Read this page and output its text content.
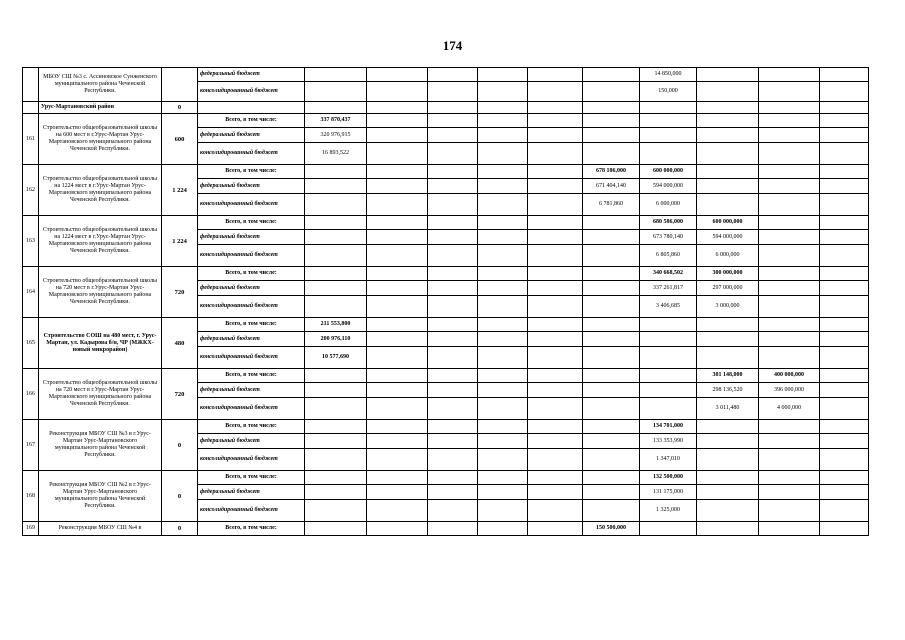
174
	МБОУ СШ №3 с. Ассиновское Сунженского муниципального района Чеченской Республики.		федеральный бюджет							14 850,000			
			консолидированный бюджет							150,000			
	Урус-Мартановский район	0											
161	Строительство общеобразовательной школы на 600 мест в г.Урус-Мартан Урус-Мартановского муниципального района Чеченской Республики.	600	Всего, в том числе:	337 870,437									
			федеральный бюджет	320 976,915									
			консолидированный бюджет	16 893,522									
162	Строительство общеобразовательной школы на 1224 мест в г.Урус-Мартан Урус-Мартановского муниципального района Чеченской Республики.	1 224	Всего, в том числе:						678 186,000	600 000,000			
			федеральный бюджет						671 404,140	594 000,000			
			консолидированный бюджет						6 781,860	6 000,000			
163	Строительство общеобразовательной школы на 1224 мест в г.Урус-Мартан Урус-Мартановского муниципального района Чеченской Республики.	1 224	Всего, в том числе:							680 586,000	600 000,000		
			федеральный бюджет							673 780,140	594 000,000		
			консолидированный бюджет							6 805,860	6 000,000		
164	Строительство общеобразовательной школы на 720 мест в г.Урус-Мартан Урус-Мартановского муниципального района Чеченской Республики.	720	Всего, в том числе:							340 668,502	300 000,000		
			федеральный бюджет							337 261,817	297 000,000		
			консолидированный бюджет							3 406,685	3 000,000		
165	Строительство СОШ на 480 мест, г. Урус-Мартан, ул. Кадырова б/н, ЧР (МЖКХ- новый микрорайон)	480	Всего, в том числе:	211 553,800									
			федеральный бюджет	200 976,110									
			консолидированный бюджет	10 577,690									
166	Строительство общеобразовательной школы на 720 мест в г.Урус-Мартан Урус-Мартановского муниципального района Чеченской Республики.	720	Всего, в том числе:								301 148,000	400 000,000	
			федеральный бюджет								298 136,520	396 000,000	
			консолидированный бюджет								3 011,480	4 000,000	
167	Реконструкция МБОУ СШ №3 в г.Урус-Мартан Урус-Мартановского муниципального района Чеченской Республики.	0	Всего, в том числе:							134 701,000			
			федеральный бюджет							133 353,990			
			консолидированный бюджет							1 347,010			
168	Реконструкция МБОУ СШ №2 в г.Урус-Мартан Урус-Мартановского муниципального района Чеченской Республики.	0	Всего, в том числе:							132 500,000			
			федеральный бюджет							131 175,000			
			консолидированный бюджет							1 325,000			
169	Реконструкция МБОУ СШ №4 в	0	Всего, в том числе:						150 500,000				
